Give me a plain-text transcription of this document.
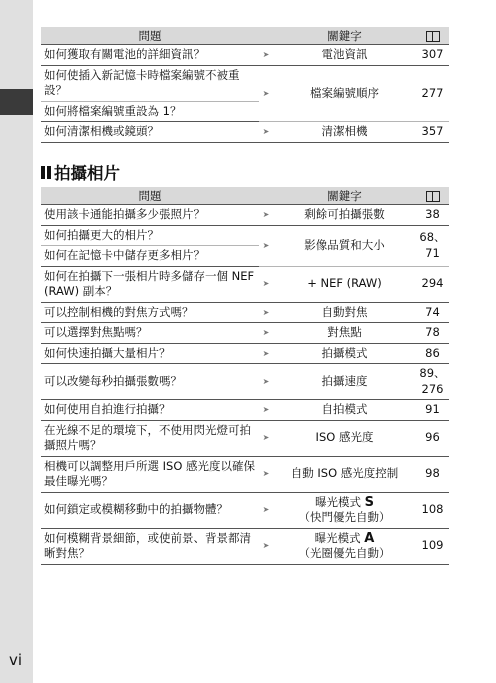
問題		關鍵字	
如何獲取有關電池的詳細資訊？	➤	電池資訊	307
如何使插入新記憶卡時檔案編號不被重設？	➤	檔案編號順序	277
如何將檔案編號重設為 1？			
如何清潔相機或鏡頭？	➤	清潔相機	357
拍攝相片
問題		關鍵字	
使用該卡通能拍攝多少張照片？	➤	剩餘可拍攝張數	38
如何拍攝更大的相片？	➤	影像品質和大小	68、71
如何在記憶卡中儲存更多相片？			
如何在拍攝下一張相片時多儲存一個 NEF (RAW) 副本？	➤	+ NEF (RAW)	294
可以控制相機的對焦方式嗎？	➤	自動對焦	74
可以選擇對焦點嗎？	➤	對焦點	78
如何快速拍攝大量相片？	➤	拍攝模式	86
可以改變每秒拍攝張數嗎？	➤	拍攝速度	89、276
如何使用自拍進行拍攝？	➤	自拍模式	91
在光線不足的環境下，不使用閃光燈可拍攝照片嗎？	➤	ISO 感光度	96
相機可以調整用戶所選 ISO 感光度以確保最佳曝光嗎？	➤	自動 ISO 感光度控制	98
如何鎖定或模糊移動中的拍攝物體？	➤	曝光模式 S
（快門優先自動）	108
如何模糊背景細節，或使前景、背景都清晰對焦？	➤	曝光模式 A
（光圈優先自動）	109
vi
